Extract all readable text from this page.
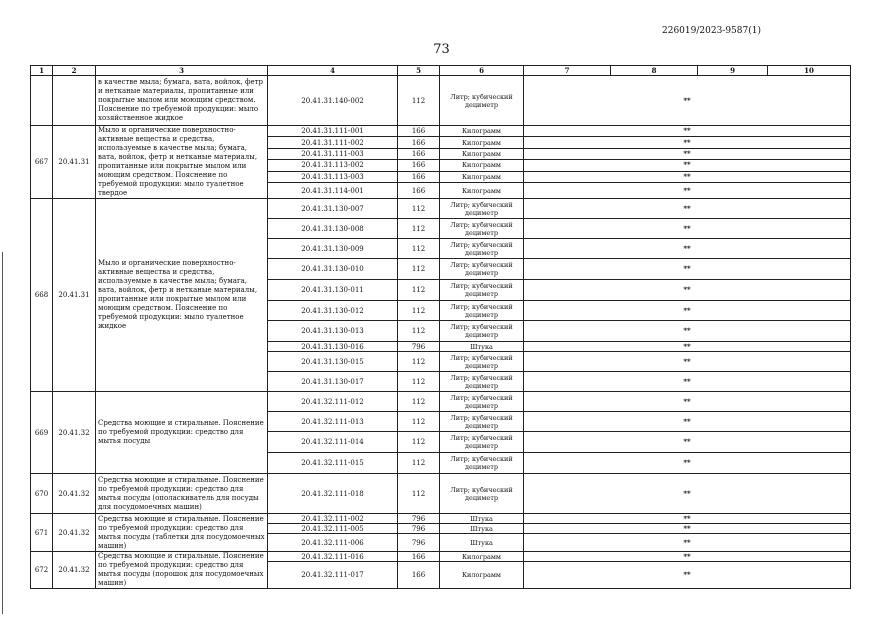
226019/2023-9587(1)
73
1	2	3	4	5	6	7	8	9	10	
		в качестве мыла; бумага, вата, войлок, фетр и нетканые материалы, пропитанные или покрытые мылом или моющим средством. Пояснение по требуемой продукции: мыло хозяйственное жидкое	20.41.31.140-002	112	Литр; кубический дециметр	**				
667	20.41.31	Мыло и органические поверхностно-активные вещества и средства, используемые в качестве мыла; бумага, вата, войлок, фетр и нетканые материалы, пропитанные или покрытые мылом или моющим средством. Пояснение по требуемой продукции: мыло туалетное твердое	20.41.31.111-001	166	Килограмм	**				
			20.41.31.111-002	166	Килограмм	**				
			20.41.31.111-003	166	Килограмм	**				
			20.41.31.113-002	166	Килограмм	**				
			20.41.31.113-003	166	Килограмм	**				
			20.41.31.114-001	166	Килограмм	**				
668	20.41.31	Мыло и органические поверхностно-активные вещества и средства, используемые в качестве мыла; бумага, вата, войлок, фетр и нетканые материалы, пропитанные или покрытые мылом или моющим средством. Пояснение по требуемой продукции: мыло туалетное жидкое	20.41.31.130-007	112	Литр; кубический дециметр	**				
			20.41.31.130-008	112	Литр; кубический дециметр	**				
			20.41.31.130-009	112	Литр; кубический дециметр	**				
			20.41.31.130-010	112	Литр; кубический дециметр	**				
			20.41.31.130-011	112	Литр; кубический дециметр	**				
			20.41.31.130-012	112	Литр; кубический дециметр	**				
			20.41.31.130-013	112	Литр; кубический дециметр	**				
			20.41.31.130-016	796	Штука	**				
			20.41.31.130-015	112	Литр; кубический дециметр	**				
			20.41.31.130-017	112	Литр; кубический дециметр	**				
669	20.41.32	Средства моющие и стиральные. Пояснение по требуемой продукции: средство для мытья посуды	20.41.32.111-012	112	Литр; кубический дециметр	**				
			20.41.32.111-013	112	Литр; кубический дециметр	**				
			20.41.32.111-014	112	Литр; кубический дециметр	**				
			20.41.32.111-015	112	Литр; кубический дециметр	**				
670	20.41.32	Средства моющие и стиральные. Пояснение по требуемой продукции: средство для мытья посуды (ополаскиватель для посуды для посудомоечных машин)	20.41.32.111-018	112	Литр; кубический дециметр	**				
671	20.41.32	Средства моющие и стиральные. Пояснение по требуемой продукции: средство для мытья посуды (таблетки для посудомоечных машин)	20.41.32.111-002	796	Штука	**				
			20.41.32.111-005	796	Штука	**				
			20.41.32.111-006	796	Штука	**				
672	20.41.32	Средства моющие и стиральные. Пояснение по требуемой продукции: средство для мытья посуды (порошок для посудомоечных машин)	20.41.32.111-016	166	Килограмм	**				
			20.41.32.111-017	166	Килограмм	**				
